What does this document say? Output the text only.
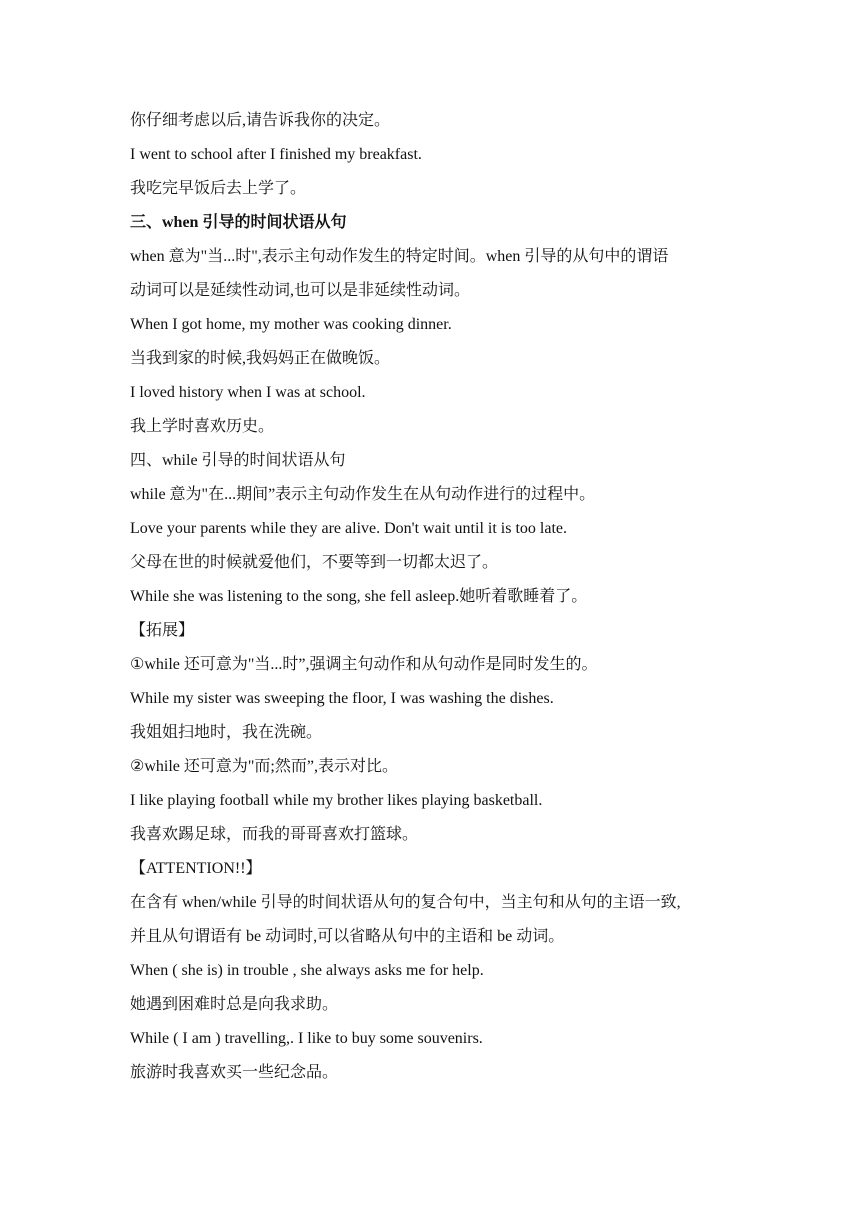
你仔细考虑以后,请告诉我你的决定。
I went to school after I finished my breakfast.
我吃完早饭后去上学了。
三、when 引导的时间状语从句
when 意为"当...时",表示主句动作发生的特定时间。when 引导的从句中的谓语
动词可以是延续性动词,也可以是非延续性动词。
When I got home, my mother was cooking dinner.
当我到家的时候,我妈妈正在做晚饭。
I loved history when I was at school.
我上学时喜欢历史。
四、while 引导的时间状语从句
while 意为"在...期间”表示主句动作发生在从句动作进行的过程中。
Love your parents while they are alive. Don't wait until it is too late.
父母在世的时候就爱他们，不要等到一切都太迟了。
While she was listening to the song, she fell asleep.她听着歌睡着了。
【拓展】
①while 还可意为"当...时”,强调主句动作和从句动作是同时发生的。
While my sister was sweeping the floor, I was washing the dishes.
我姐姐扫地时，我在洗碗。
②while 还可意为"而;然而”,表示对比。
I like playing football while my brother likes playing basketball.
我喜欢踢足球，而我的哥哥喜欢打篮球。
【ATTENTION!!】
在含有 when/while 引导的时间状语从句的复合句中，当主句和从句的主语一致,
并且从句谓语有 be 动词时,可以省略从句中的主语和 be 动词。
When ( she is) in trouble , she always asks me for help.
她遇到困难时总是向我求助。
While ( I am ) travelling,. I like to buy some souvenirs.
旅游时我喜欢买一些纪念品。
